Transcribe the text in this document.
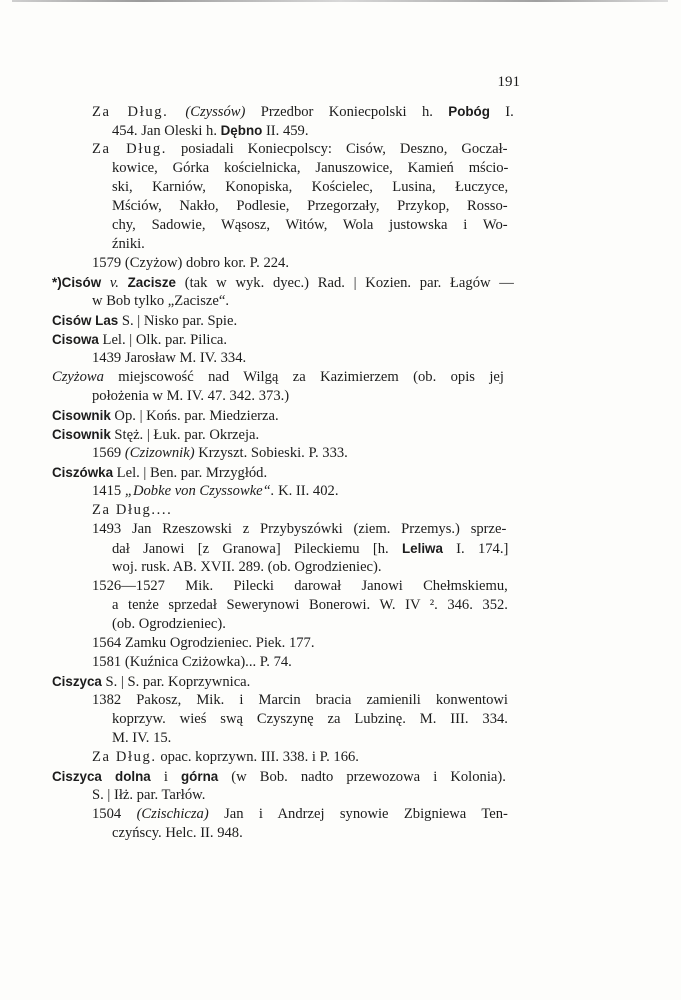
191
Za Dług. (Czyssów) Przedbor Koniecpolski h. Pobóg I.
454. Jan Oleski h. Dębno II. 459.
Za Dług. posiadali Koniecpolscy: Cisów, Deszno, Goczał-
kowice, Górka kościelnicka, Januszowice, Kamień mścio-
ski, Karniów, Konopiska, Kościelec, Lusina, Łuczyce,
Mściów, Nakło, Podlesie, Przegorzały, Przykop, Rosso-
chy, Sadowie, Wąsosz, Witów, Wola justowska i Wo-
źniki.
1579 (Czyżow) dobro kor. P. 224.
*)Cisów v. Zacisze (tak w wyk. dyec.) Rad. | Kozien. par. Łagów —
w Bob tylko „Zacisze“.
Cisów Las S. | Nisko par. Spie.
Cisowa Lel. | Olk. par. Pilica.
1439 Jarosław M. IV. 334.
Czyżowa miejscowość nad Wilgą za Kazimierzem (ob. opis jej
położenia w M. IV. 47. 342. 373.)
Cisownik Op. | Końs. par. Miedzierza.
Cisownik Stęż. | Łuk. par. Okrzeja.
1569 (Czizownik) Krzyszt. Sobieski. P. 333.
Ciszówka Lel. | Ben. par. Mrzygłód.
1415 „Dobke von Czyssowke“. K. II. 402.
Za Dług....
1493 Jan Rzeszowski z Przybyszówki (ziem. Przemys.) sprze-
dał Janowi [z Granowa] Pileckiemu [h. Leliwa I. 174.]
woj. rusk. AB. XVII. 289. (ob. Ogrodzieniec).
1526—1527 Mik. Pilecki darował Janowi Chełmskiemu,
a tenże sprzedał Sewerynowi Bonerowi. W. IV ². 346. 352.
(ob. Ogrodzieniec).
1564 Zamku Ogrodzieniec. Piek. 177.
1581 (Kuźnica Cziżowka)... P. 74.
Ciszyca S. | S. par. Koprzywnica.
1382 Pakosz, Mik. i Marcin bracia zamienili konwentowi
koprzyw. wieś swą Czyszynę za Lubzinę. M. III. 334.
M. IV. 15.
Za Dług. opac. koprzywn. III. 338. i P. 166.
Ciszyca dolna i górna (w Bob. nadto przewozowa i Kolonia).
S. | Iłż. par. Tarłów.
1504 (Czischicza) Jan i Andrzej synowie Zbigniewa Ten-
czyńscy. Helc. II. 948.
